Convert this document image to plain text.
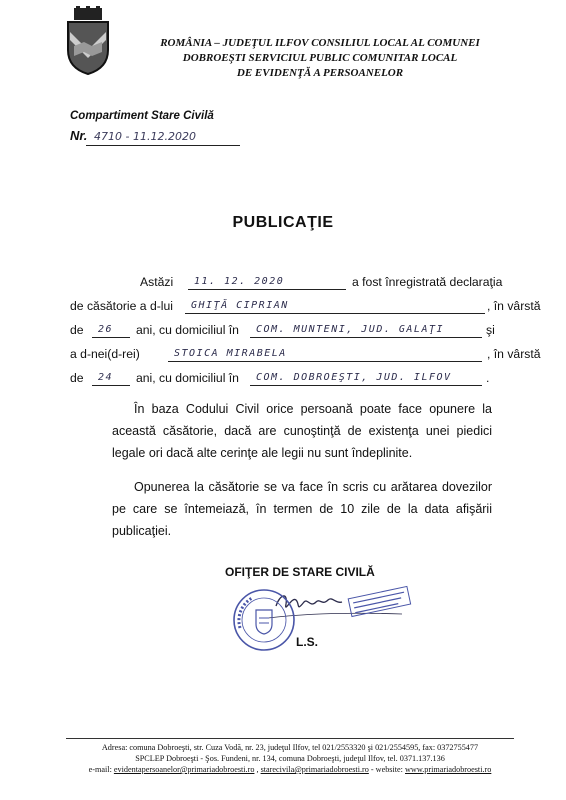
ROMÂNIA – JUDEŢUL ILFOV CONSILIUL LOCAL AL COMUNEI
DOBROEŞTI SERVICIUL PUBLIC COMUNITAR LOCAL
DE EVIDENŢĂ A PERSOANELOR
Compartiment Stare Civilă
Nr. 4710 - 11.12.2020
PUBLICAŢIE
Astăzi	11. 12. 2020	a fost înregistrată declaraţia
de căsătorie a d-lui	GHIŢĂ CIPRIAN	, în vârstă
de	26	ani, cu domiciliul în	COM. MUNTENI, JUD. GALAŢI	şi
a d-nei(d-rei)	STOICA MIRABELA	, în vârstă
de	24	ani, cu domiciliul în	COM. DOBROEŞTI, JUD. ILFOV	.
În baza Codului Civil orice persoană poate face opunere la această căsătorie, dacă are cunoştinţă de existenţa unei piedici legale ori dacă alte cerinţe ale legii nu sunt îndeplinite.
Opunerea la căsătorie se va face în scris cu arătarea dovezilor pe care se întemeiază, în termen de 10 zile de la data afişării publicaţiei.
OFIŢER DE STARE CIVILĂ
L.S.
Adresa: comuna Dobroeşti, str. Cuza Vodă, nr. 23, judeţul Ilfov, tel 021/2553320 şi 021/2554595, fax: 0372755477
SPCLEP Dobroeşti - Şos. Fundeni, nr. 134, comuna Dobroeşti, judeţul Ilfov, tel. 0371.137.136
e-mail: evidentapersoanelor@primariadobroesti.ro , starecivila@primariadobroesti.ro - website: www.primariadobroesti.ro
